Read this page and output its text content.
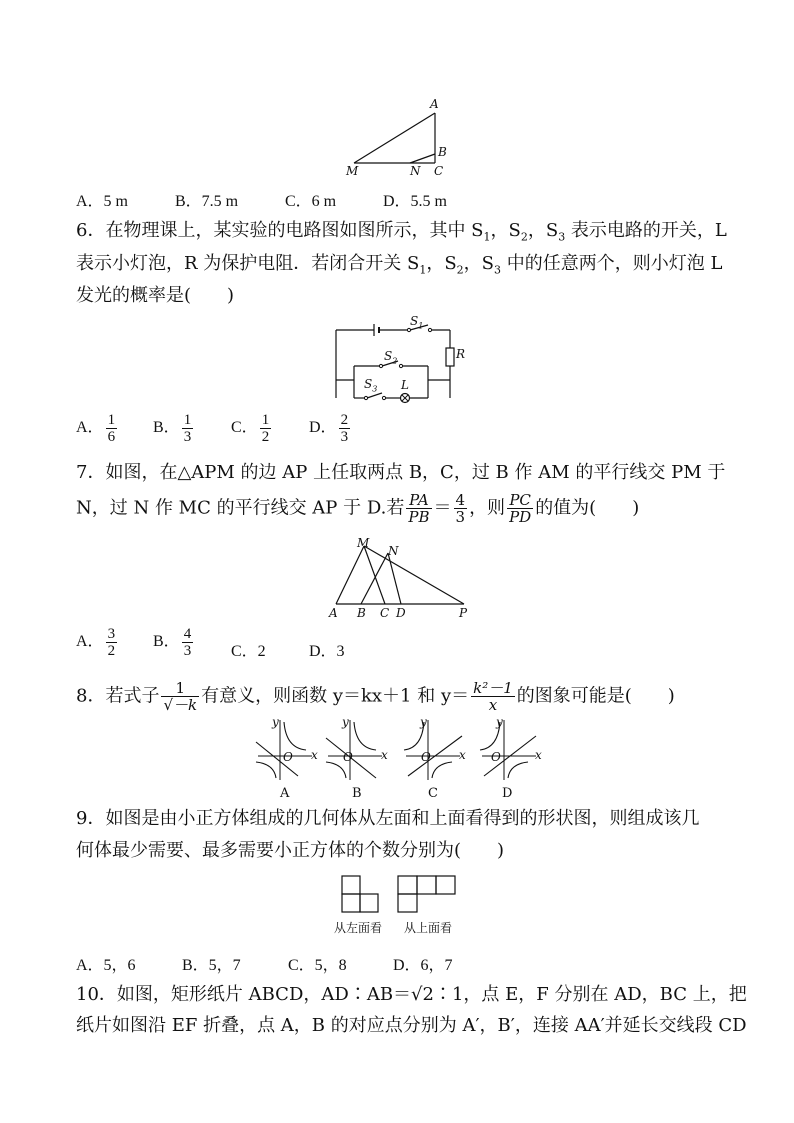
A
B
M	N C
A．5 m	B．7.5 m	C．6 m	D．5.5 m
6．在物理课上，某实验的电路图如图所示，其中 $S_1$，$S_2$，$S_3$ 表示电路的开关，L
表示小灯泡，R 为保护电阻．若闭合开关 $S_1$，$S_2$，$S_3$ 中的任意两个，则小灯泡 L
发光的概率是(　　)
$S_1$
R
$S_2$
$S_3$ L
A． $\frac{1}{6}$ B． $\frac{1}{3}$ C． $\frac{1}{2}$ D． $\frac{2}{3}$
7．如图，在△APM 的边 AP 上任取两点 B，C，过 B 作 AM 的平行线交 PM 于
N，过 N 作 MC 的平行线交 AP 于 D.若 $\frac{PA}{PB} = \frac{4}{3}$ ，则 $\frac{PC}{PD}$ 的值为(　　)
M
N
A B C D	P
A． $\frac{3}{2}$ B． $\frac{4}{3}$ C．2	D．3
8．若式子 $\frac{1}{√-k}$ 有意义，则函数 y＝kx＋1 和 $y= \frac{\text{k²－1}}{x}$ 的图象可能是(　　)
y
O x
y
O x
y
O x
y
O	x
A	B	C	D
9．如图是由小正方体组成的几何体从左面和上面看得到的形状图，则组成该几
何体最少需要、最多需要小正方体的个数分别为(　　)
从左面看 从上面看
A．5，6	B．5，7	C．5，8	D．6，7
10．如图，矩形纸片 ABCD，AD∶AB＝√2∶1，点 E，F 分别在 AD，BC 上，把
纸片如图沿 EF 折叠，点 A，B 的对应点分别为 A′，B′，连接 AA′并延长交线段 CD
